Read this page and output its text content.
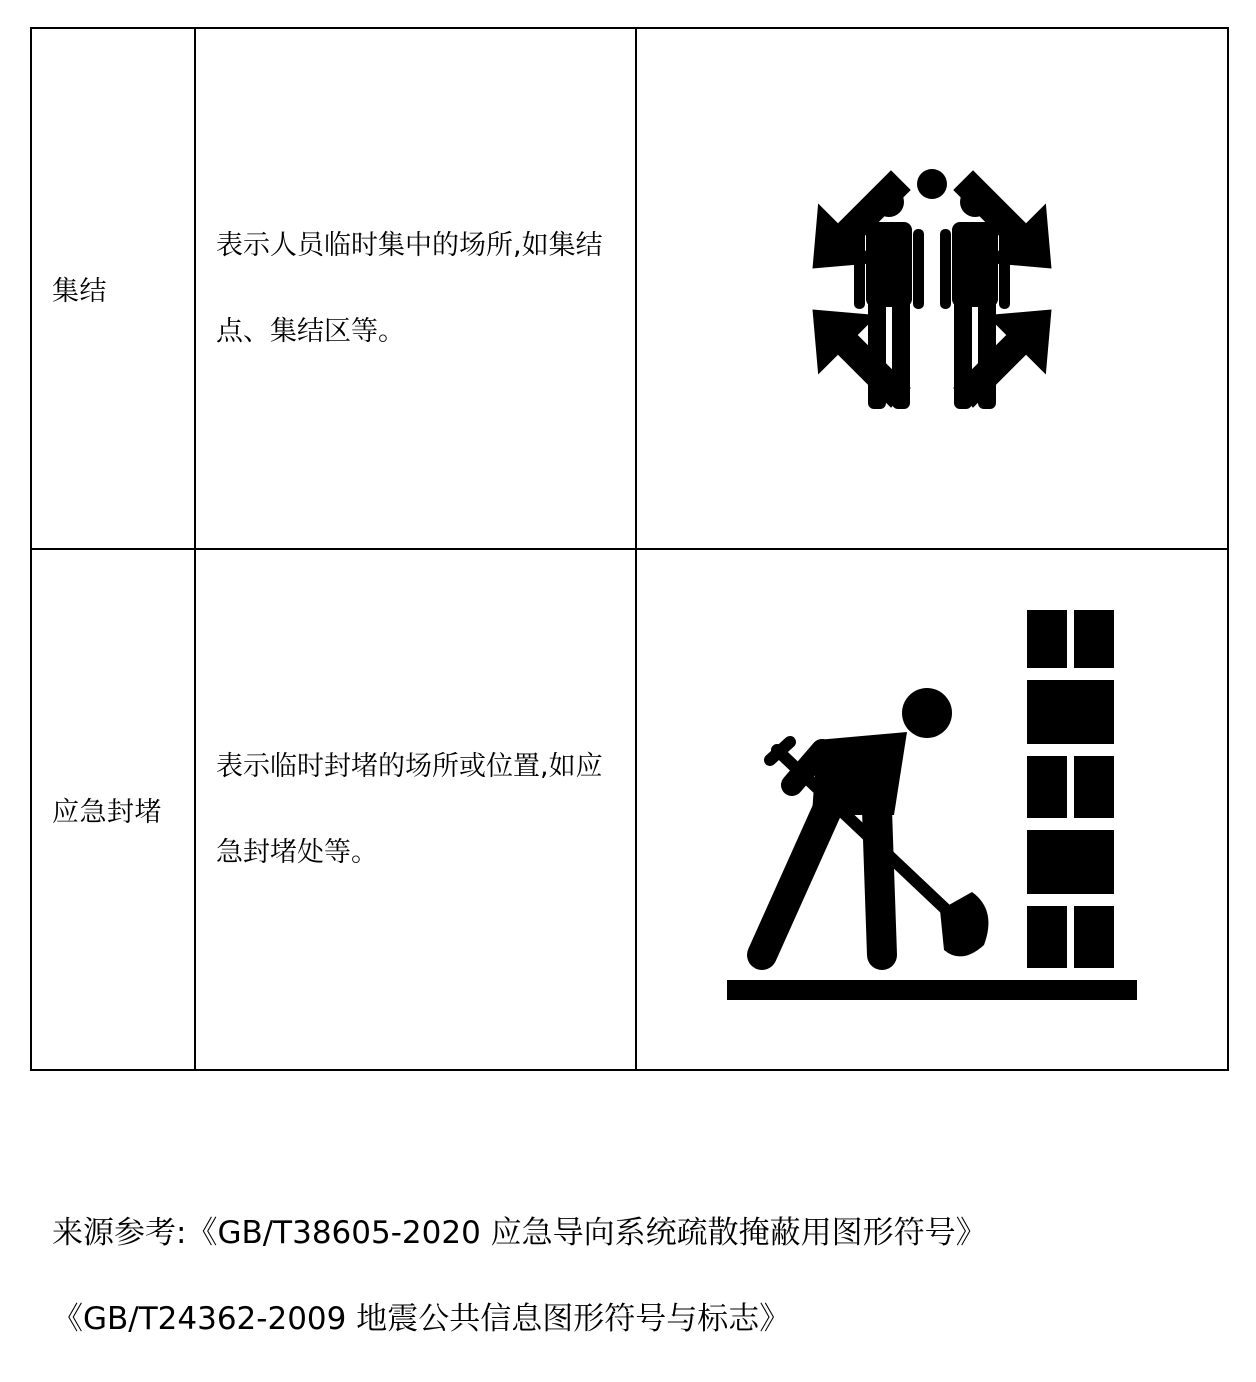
集结	表示人员临时集中的场所,如集结点、集结区等。	

应急封堵	表示临时封堵的场所或位置,如应急封堵处等。	
来源参考:《GB/T38605-2020 应急导向系统疏散掩蔽用图形符号》
《GB/T24362-2009 地震公共信息图形符号与标志》
